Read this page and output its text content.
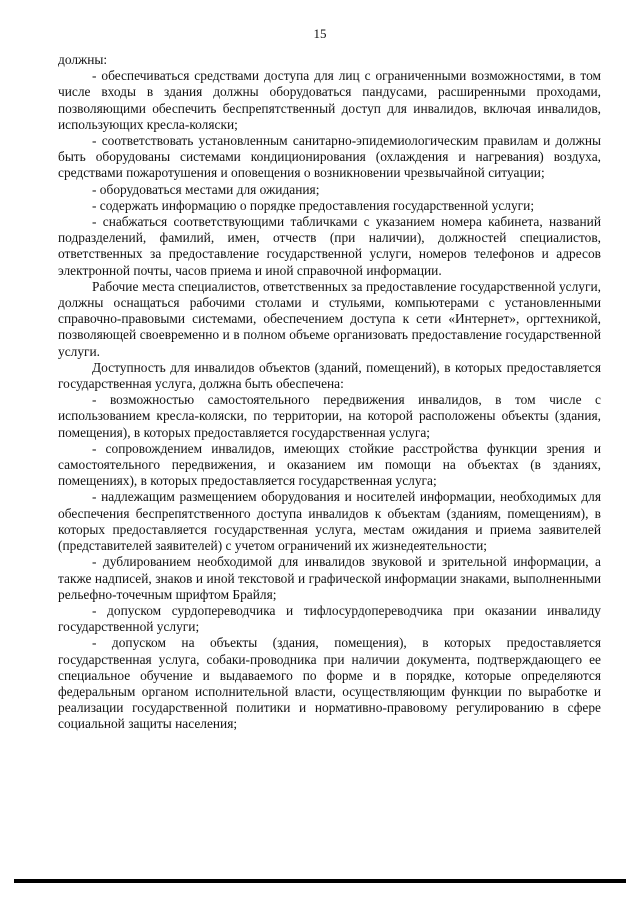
15

должны:

- обеспечиваться средствами доступа для лиц с ограниченными возможностями, в том числе входы в здания должны оборудоваться пандусами, расширенными проходами, позволяющими обеспечить беспрепятственный доступ для инвалидов, включая инвалидов, использующих кресла-коляски;

- соответствовать установленным санитарно-эпидемиологическим правилам и должны быть оборудованы системами кондиционирования (охлаждения и нагревания) воздуха, средствами пожаротушения и оповещения о возникновении чрезвычайной ситуации;

- оборудоваться местами для ожидания;

- содержать информацию о порядке предоставления государственной услуги;

- снабжаться соответствующими табличками с указанием номера кабинета, названий подразделений, фамилий, имен, отчеств (при наличии), должностей специалистов, ответственных за предоставление государственной услуги, номеров телефонов и адресов электронной почты, часов приема и иной справочной информации.

Рабочие места специалистов, ответственных за предоставление государственной услуги, должны оснащаться рабочими столами и стульями, компьютерами с установленными справочно-правовыми системами, обеспечением доступа к сети «Интернет», оргтехникой, позволяющей своевременно и в полном объеме организовать предоставление государственной услуги.

Доступность для инвалидов объектов (зданий, помещений), в которых предоставляется государственная услуга, должна быть обеспечена:

- возможностью самостоятельного передвижения инвалидов, в том числе с использованием кресла-коляски, по территории, на которой расположены объекты (здания, помещения), в которых предоставляется государственная услуга;

- сопровождением инвалидов, имеющих стойкие расстройства функции зрения и самостоятельного передвижения, и оказанием им помощи на объектах (в зданиях, помещениях), в которых предоставляется государственная услуга;

- надлежащим размещением оборудования и носителей информации, необходимых для обеспечения беспрепятственного доступа инвалидов к объектам (зданиям, помещениям), в которых предоставляется государственная услуга, местам ожидания и приема заявителей (представителей заявителей) с учетом ограничений их жизнедеятельности;

- дублированием необходимой для инвалидов звуковой и зрительной информации, а также надписей, знаков и иной текстовой и графической информации знаками, выполненными рельефно-точечным шрифтом Брайля;

- допуском сурдопереводчика и тифлосурдопереводчика при оказании инвалиду государственной услуги;

- допуском на объекты (здания, помещения), в которых предоставляется государственная услуга, собаки-проводника при наличии документа, подтверждающего ее специальное обучение и выдаваемого по форме и в порядке, которые определяются федеральным органом исполнительной власти, осуществляющим функции по выработке и реализации государственной политики и нормативно-правовому регулированию в сфере социальной защиты населения;
